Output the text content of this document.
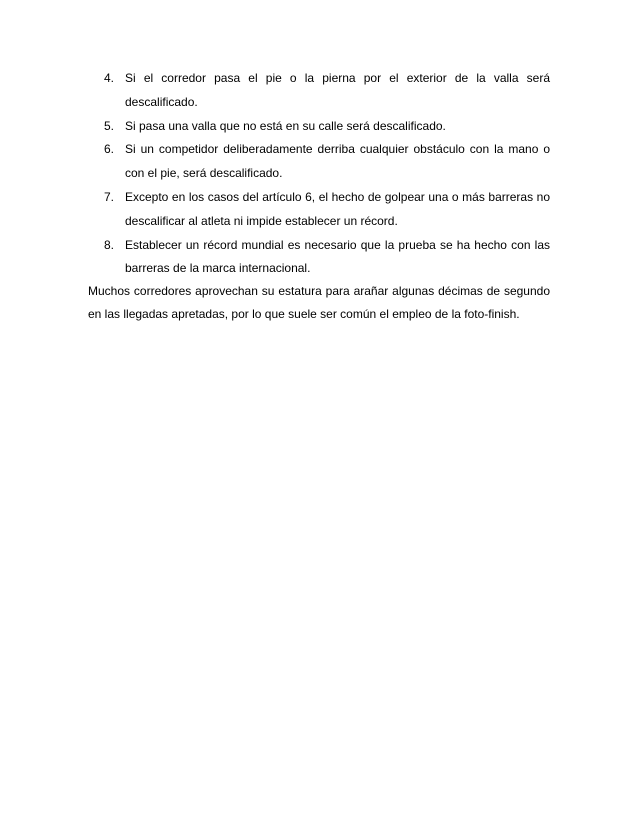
4. Si el corredor pasa el pie o la pierna por el exterior de la valla será descalificado.
5. Si pasa una valla que no está en su calle será descalificado.
6. Si un competidor deliberadamente derriba cualquier obstáculo con la mano o con el pie, será descalificado.
7. Excepto en los casos del artículo 6, el hecho de golpear una o más barreras no descalificar al atleta ni impide establecer un récord.
8. Establecer un récord mundial es necesario que la prueba se ha hecho con las barreras de la marca internacional.

Muchos corredores aprovechan su estatura para arañar algunas décimas de segundo en las llegadas apretadas, por lo que suele ser común el empleo de la foto-finish.
